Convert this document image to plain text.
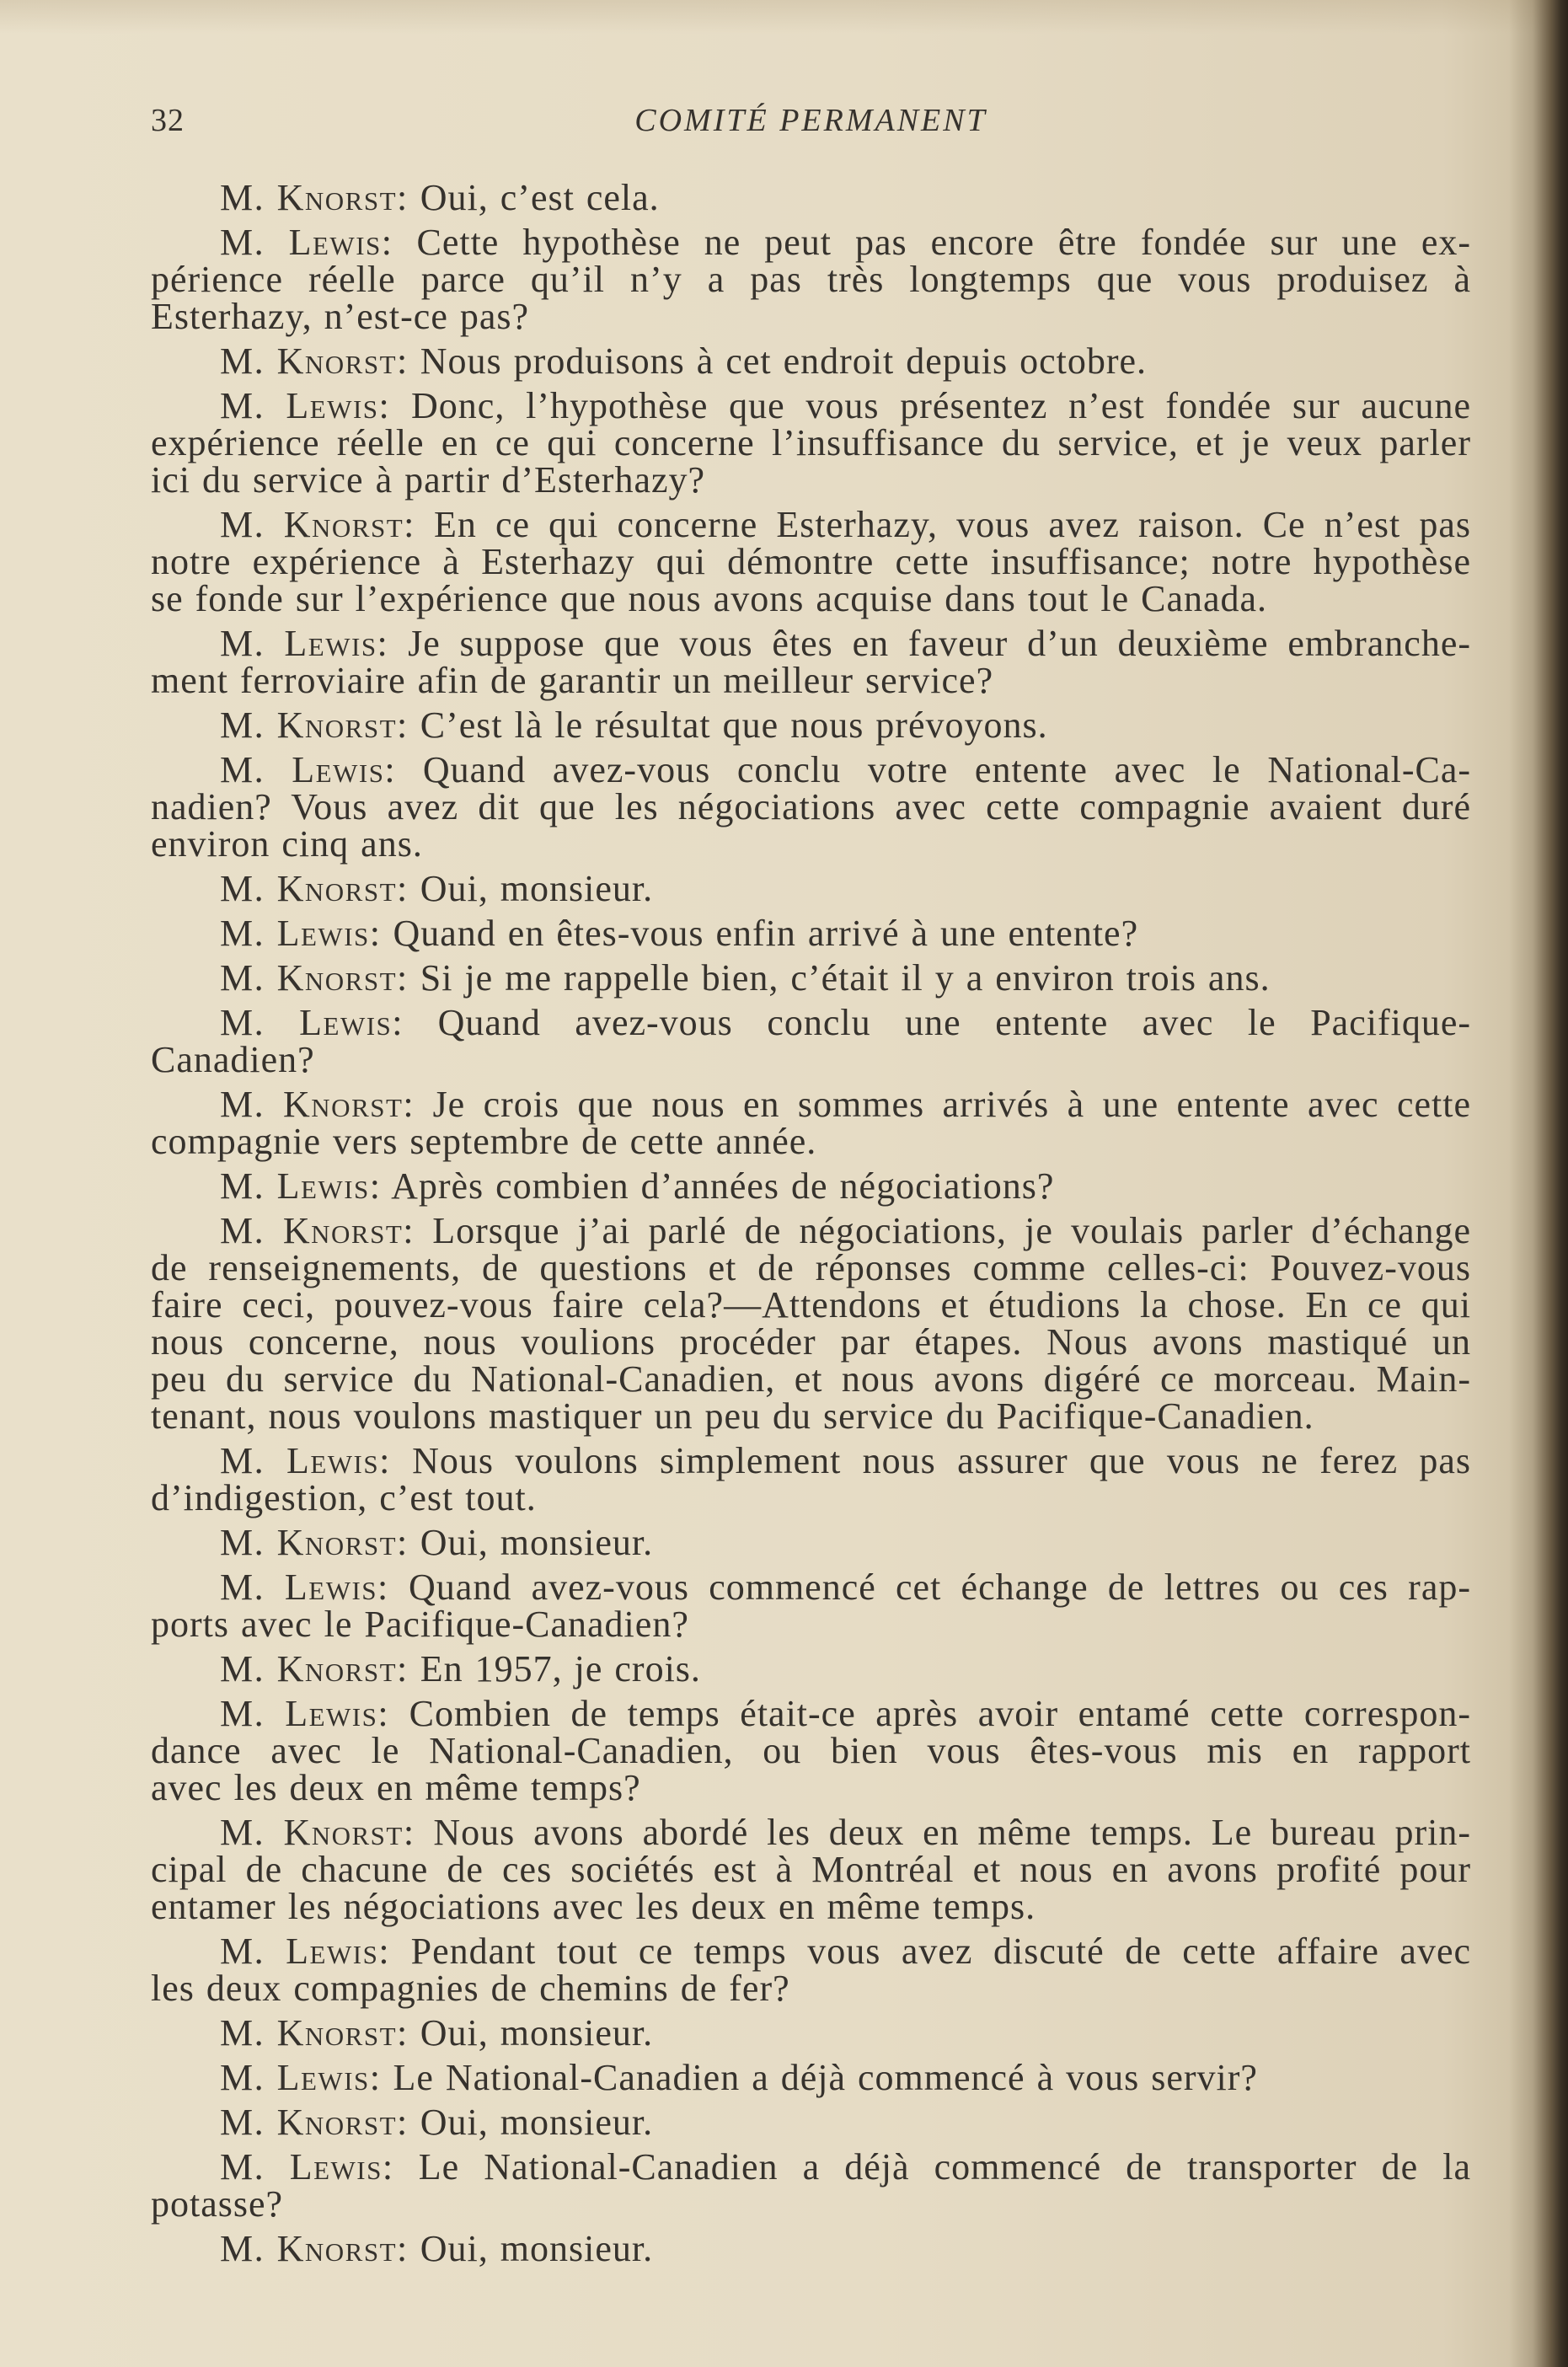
32	COMITÉ PERMANENT
M. Knorst: Oui, c’est cela.
M. Lewis: Cette hypothèse ne peut pas encore être fondée sur une ex-
périence réelle parce qu’il n’y a pas très longtemps que vous produisez à
Esterhazy, n’est-ce pas?
M. Knorst: Nous produisons à cet endroit depuis octobre.
M. Lewis: Donc, l’hypothèse que vous présentez n’est fondée sur aucune
expérience réelle en ce qui concerne l’insuffisance du service, et je veux parler
ici du service à partir d’Esterhazy?
M. Knorst: En ce qui concerne Esterhazy, vous avez raison. Ce n’est pas
notre expérience à Esterhazy qui démontre cette insuffisance; notre hypothèse
se fonde sur l’expérience que nous avons acquise dans tout le Canada.
M. Lewis: Je suppose que vous êtes en faveur d’un deuxième embranche-
ment ferroviaire afin de garantir un meilleur service?
M. Knorst: C’est là le résultat que nous prévoyons.
M. Lewis: Quand avez-vous conclu votre entente avec le National-Ca-
nadien? Vous avez dit que les négociations avec cette compagnie avaient duré
environ cinq ans.
M. Knorst: Oui, monsieur.
M. Lewis: Quand en êtes-vous enfin arrivé à une entente?
M. Knorst: Si je me rappelle bien, c’était il y a environ trois ans.
M. Lewis: Quand avez-vous conclu une entente avec le Pacifique-
Canadien?
M. Knorst: Je crois que nous en sommes arrivés à une entente avec cette
compagnie vers septembre de cette année.
M. Lewis: Après combien d’années de négociations?
M. Knorst: Lorsque j’ai parlé de négociations, je voulais parler d’échange
de renseignements, de questions et de réponses comme celles-ci: Pouvez-vous
faire ceci, pouvez-vous faire cela?—Attendons et étudions la chose. En ce qui
nous concerne, nous voulions procéder par étapes. Nous avons mastiqué un
peu du service du National-Canadien, et nous avons digéré ce morceau. Main-
tenant, nous voulons mastiquer un peu du service du Pacifique-Canadien.
M. Lewis: Nous voulons simplement nous assurer que vous ne ferez pas
d’indigestion, c’est tout.
M. Knorst: Oui, monsieur.
M. Lewis: Quand avez-vous commencé cet échange de lettres ou ces rap-
ports avec le Pacifique-Canadien?
M. Knorst: En 1957, je crois.
M. Lewis: Combien de temps était-ce après avoir entamé cette correspon-
dance avec le National-Canadien, ou bien vous êtes-vous mis en rapport
avec les deux en même temps?
M. Knorst: Nous avons abordé les deux en même temps. Le bureau prin-
cipal de chacune de ces sociétés est à Montréal et nous en avons profité pour
entamer les négociations avec les deux en même temps.
M. Lewis: Pendant tout ce temps vous avez discuté de cette affaire avec
les deux compagnies de chemins de fer?
M. Knorst: Oui, monsieur.
M. Lewis: Le National-Canadien a déjà commencé à vous servir?
M. Knorst: Oui, monsieur.
M. Lewis: Le National-Canadien a déjà commencé de transporter de la
potasse?
M. Knorst: Oui, monsieur.
